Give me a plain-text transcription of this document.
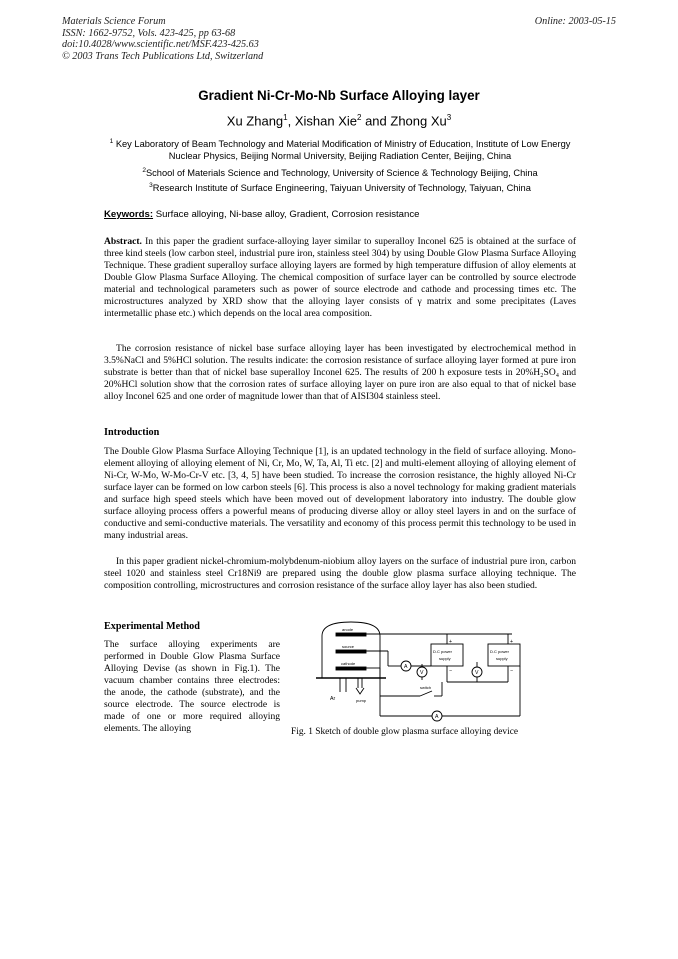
Materials Science Forum
ISSN: 1662-9752, Vols. 423-425, pp 63-68
doi:10.4028/www.scientific.net/MSF.423-425.63
© 2003 Trans Tech Publications Ltd, Switzerland
Online: 2003-05-15
Gradient Ni-Cr-Mo-Nb Surface Alloying layer
Xu Zhang$^1$, Xishan Xie$^2$ and Zhong Xu$^3$
$^1$ Key Laboratory of Beam Technology and Material Modification of Ministry of Education, Institute of Low Energy Nuclear Physics, Beijing Normal University, Beijing Radiation Center, Beijing, China
$^2$School of Materials Science and Technology, University of Science & Technology Beijing, China
$^3$Research Institute of Surface Engineering, Taiyuan University of Technology, Taiyuan, China
Keywords: Surface alloying, Ni-base alloy, Gradient, Corrosion resistance

Abstract. In this paper the gradient surface-alloying layer similar to superalloy Inconel 625 is obtained at the surface of three kind steels (low carbon steel, industrial pure iron, stainless steel 304) by using Double Glow Plasma Surface Alloying Technique. These gradient superalloy surface alloying layers are formed by high temperature diffusion of alloy elements at Double Glow Plasma Surface Alloying. The chemical composition of surface layer can be controlled by source electrode material and technological parameters such as power of source electrode and cathode and processing times etc. The microstructures analyzed by XRD show that the alloying layer consists of γ matrix and some precipitates (Laves intermetallic phase etc.) which depends on the local area composition.

The corrosion resistance of nickel base surface alloying layer has been investigated by electrochemical method in 3.5%NaCl and 5%HCl solution. The results indicate: the corrosion resistance of surface alloying layer formed at pure iron substrate is better than that of nickel base superalloy Inconel 625. The results of 200 h exposure tests in 20%H₂SO₄ and 20%HCl solution show that the corrosion rates of surface alloying layer on pure iron are also equal to that of nickel base alloy Inconel 625 and one order of magnitude lower than that of AISI304 stainless steel.

Introduction

The Double Glow Plasma Surface Alloying Technique [1], is an updated technology in the field of surface alloying. Mono-element alloying of alloying element of Ni, Cr, Mo, W, Ta, Al, Ti etc. [2] and multi-element alloying of alloying element of Ni-Cr, W-Mo, W-Mo-Cr-V etc. [3, 4, 5] have been studied. To increase the corrosion resistance, the highly alloyed Ni-Cr surface layer can be formed on low carbon steels [6]. This process is also a novel technology for making gradient materials and surface high speed steels which have been moved out of development laboratory into industry. The double glow surface alloying process offers a powerful means of producing diverse alloy or alloy steel layers in and on the surface of conductive and semi-conductive materials. The versatility and economy of this process permit this technology to be used in many industrial areas.

In this paper gradient nickel-chromium-molybdenum-niobium alloy layers on the surface of industrial pure iron, carbon steel 1020 and stainless steel Cr18Ni9 are prepared using the double glow plasma surface alloying technique. The composition controlling, microstructures and corrosion resistance of the surface alloy layer has also been studied.

Experimental Method

The surface alloying experiments are performed in Double Glow Plasma Surface Alloying Devise (as shown in Fig.1). The vacuum chamber contains three electrodes: the anode, the cathode (substrate), and the source electrode. The source electrode is made of one or more required alloying elements. The alloying

anode
source
cathode
A
V	V
A
D.C power
supply
D.C power
supply
+
−
+
−
Ar	pump
switch
Fig. 1 Sketch of double glow plasma surface alloying device
